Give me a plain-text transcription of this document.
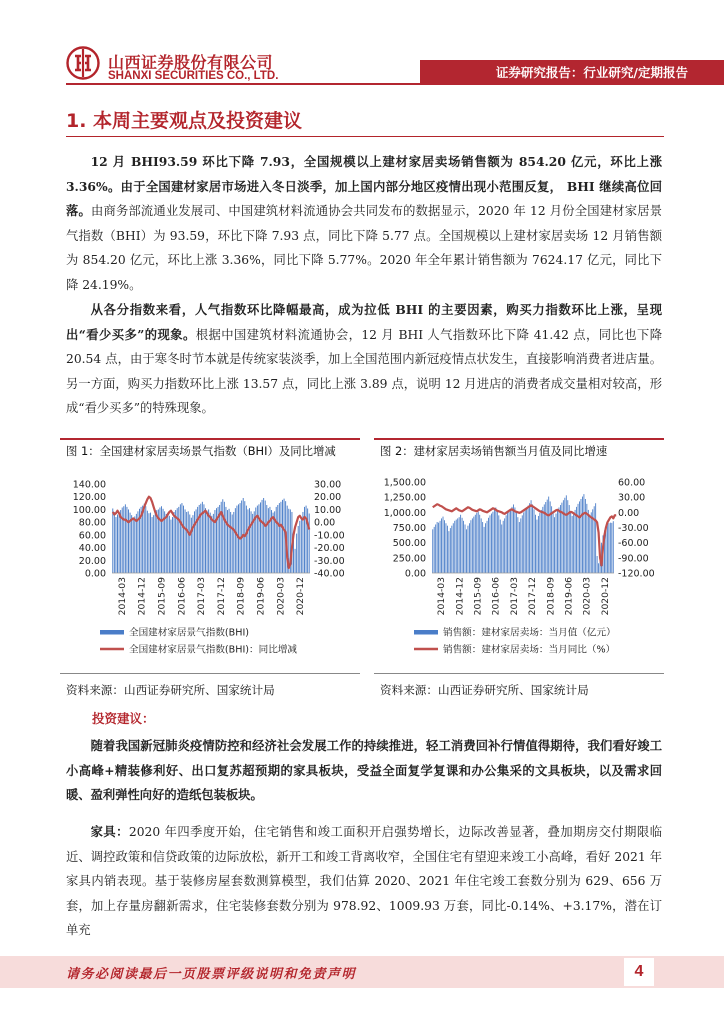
山西证券股份有限公司
SHANXI SECURITIES CO., LTD.	证券研究报告：行业研究/定期报告
1. 本周主要观点及投资建议
12 月 BHI93.59 环比下降 7.93，全国规模以上建材家居卖场销售额为 854.20 亿元，环比上涨 3.36%。由于全国建材家居市场进入冬日淡季，加上国内部分地区疫情出现小范围反复， BHI 继续高位回落。由商务部流通业发展司、中国建筑材料流通协会共同发布的数据显示，2020 年 12 月份全国建材家居景气指数（BHI）为 93.59，环比下降 7.93 点，同比下降 5.77 点。全国规模以上建材家居卖场 12 月销售额为 854.20 亿元，环比上涨 3.36%，同比下降 5.77%。2020 年全年累计销售额为 7624.17 亿元，同比下降 24.19%。
从各分指数来看，人气指数环比降幅最高，成为拉低 BHI 的主要因素，购买力指数环比上涨，呈现出“看少买多”的现象。根据中国建筑材料流通协会，12 月 BHI 人气指数环比下降 41.42 点，同比也下降 20.54 点，由于寒冬时节本就是传统家装淡季，加上全国范围内新冠疫情点状发生，直接影响消费者进店量。另一方面，购买力指数环比上涨 13.57 点，同比上涨 3.89 点，说明 12 月进店的消费者成交量相对较高，形成“看少买多”的特殊现象。
图 1：全国建材家居卖场景气指数（BHI）及同比增减
140.00
120.00
100.00
80.00
60.00
40.00
20.00
0.00
30.00
20.00
10.00
0.00
-10.00
-20.00
-30.00
-40.00
2014-03 2014-12 2015-09 2016-06 2017-03 2017-12 2018-09 2019-06 2020-03 2020-12
全国建材家居景气指数(BHI)
全国建材家居景气指数(BHI)：同比增减
资料来源：山西证券研究所、国家统计局
图 2：建材家居卖场销售额当月值及同比增速
1,500.00
1,250.00
1,000.00
750.00
500.00
250.00
0.00
60.00
30.00
0.00
-30.00
-60.00
-90.00
-120.00
2014-03 2014-12 2015-09 2016-06 2017-03 2017-12 2018-09 2019-06 2020-03 2020-12
销售额：建材家居卖场：当月值（亿元）
销售额：建材家居卖场：当月同比（%）
资料来源：山西证券研究所、国家统计局
投资建议：
随着我国新冠肺炎疫情防控和经济社会发展工作的持续推进，轻工消费回补行情值得期待，我们看好竣工小高峰+精装修利好、出口复苏超预期的家具板块，受益全面复学复课和办公集采的文具板块，以及需求回暖、盈利弹性向好的造纸包装板块。
家具：2020 年四季度开始，住宅销售和竣工面积开启强势增长，边际改善显著，叠加期房交付期限临近、调控政策和信贷政策的边际放松，新开工和竣工背离收窄，全国住宅有望迎来竣工小高峰，看好 2021 年家具内销表现。基于装修房屋套数测算模型，我们估算 2020、2021 年住宅竣工套数分别为 629、656 万套，加上存量房翻新需求，住宅装修套数分别为 978.92、1009.93 万套，同比-0.14%、+3.17%，潜在订单充
请务必阅读最后一页股票评级说明和免责声明	4
